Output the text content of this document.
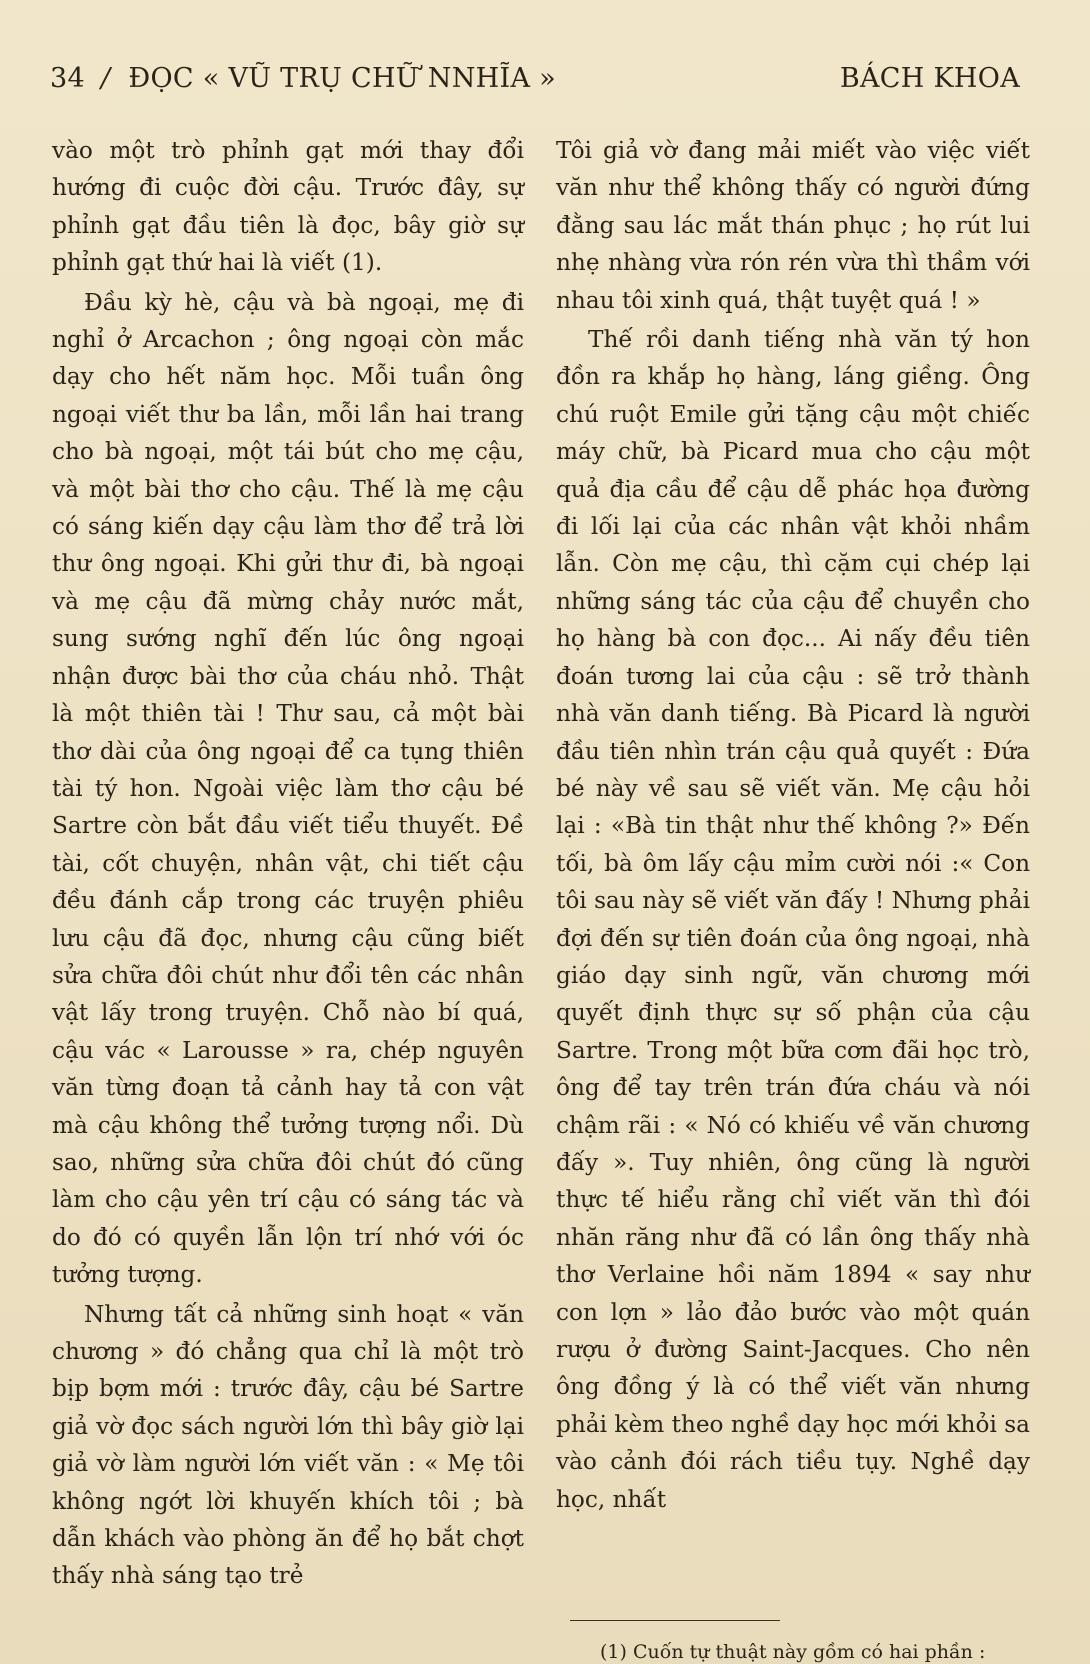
34 / ĐỌC « VŨ TRỤ CHỮ NNHĨA »	BÁCH KHOA

vào một trò phỉnh gạt mới thay đổi hướng đi cuộc đời cậu. Trước đây, sự phỉnh gạt đầu tiên là đọc, bây giờ sự phỉnh gạt thứ hai là viết (1).

Đầu kỳ hè, cậu và bà ngoại, mẹ đi nghỉ ở Arcachon ; ông ngoại còn mắc dạy cho hết năm học. Mỗi tuần ông ngoại viết thư ba lần, mỗi lần hai trang cho bà ngoại, một tái bút cho mẹ cậu, và một bài thơ cho cậu. Thế là mẹ cậu có sáng kiến dạy cậu làm thơ để trả lời thư ông ngoại. Khi gửi thư đi, bà ngoại và mẹ cậu đã mừng chảy nước mắt, sung sướng nghĩ đến lúc ông ngoại nhận được bài thơ của cháu nhỏ. Thật là một thiên tài ! Thư sau, cả một bài thơ dài của ông ngoại để ca tụng thiên tài tý hon. Ngoài việc làm thơ cậu bé Sartre còn bắt đầu viết tiểu thuyết. Đề tài, cốt chuyện, nhân vật, chi tiết cậu đều đánh cắp trong các truyện phiêu lưu cậu đã đọc, nhưng cậu cũng biết sửa chữa đôi chút như đổi tên các nhân vật lấy trong truyện. Chỗ nào bí quá, cậu vác « Larousse » ra, chép nguyên văn từng đoạn tả cảnh hay tả con vật mà cậu không thể tưởng tượng nổi. Dù sao, những sửa chữa đôi chút đó cũng làm cho cậu yên trí cậu có sáng tác và do đó có quyền lẫn lộn trí nhớ với óc tưởng tượng.

Nhưng tất cả những sinh hoạt « văn chương » đó chẳng qua chỉ là một trò bịp bợm mới : trước đây, cậu bé Sartre giả vờ đọc sách người lớn thì bây giờ lại giả vờ làm người lớn viết văn : « Mẹ tôi không ngớt lời khuyến khích tôi ; bà dẫn khách vào phòng ăn để họ bắt chợt thấy nhà sáng tạo trẻ

Tôi giả vờ đang mải miết vào việc viết văn như thể không thấy có người đứng đằng sau lác mắt thán phục ; họ rút lui nhẹ nhàng vừa rón rén vừa thì thầm với nhau tôi xinh quá, thật tuyệt quá ! »

Thế rồi danh tiếng nhà văn tý hon đồn ra khắp họ hàng, láng giềng. Ông chú ruột Emile gửi tặng cậu một chiếc máy chữ, bà Picard mua cho cậu một quả địa cầu để cậu dễ phác họa đường đi lối lại của các nhân vật khỏi nhầm lẫn. Còn mẹ cậu, thì cặm cụi chép lại những sáng tác của cậu để chuyền cho họ hàng bà con đọc... Ai nấy đều tiên đoán tương lai của cậu : sẽ trở thành nhà văn danh tiếng. Bà Picard là người đầu tiên nhìn trán cậu quả quyết : Đứa bé này về sau sẽ viết văn. Mẹ cậu hỏi lại : «Bà tin thật như thế không ?» Đến tối, bà ôm lấy cậu mỉm cười nói :« Con tôi sau này sẽ viết văn đấy ! Nhưng phải đợi đến sự tiên đoán của ông ngoại, nhà giáo dạy sinh ngữ, văn chương mới quyết định thực sự số phận của cậu Sartre. Trong một bữa cơm đãi học trò, ông để tay trên trán đứa cháu và nói chậm rãi : « Nó có khiếu về văn chương đấy ». Tuy nhiên, ông cũng là người thực tế hiểu rằng chỉ viết văn thì đói nhăn răng như đã có lần ông thấy nhà thơ Verlaine hồi năm 1894 « say như con lợn » lảo đảo bước vào một quán rượu ở đường Saint-Jacques. Cho nên ông đồng ý là có thể viết văn nhưng phải kèm theo nghề dạy học mới khỏi sa vào cảnh đói rách tiều tụy. Nghề dạy học, nhất

(1) Cuốn tự thuật này gồm có hai phần :
